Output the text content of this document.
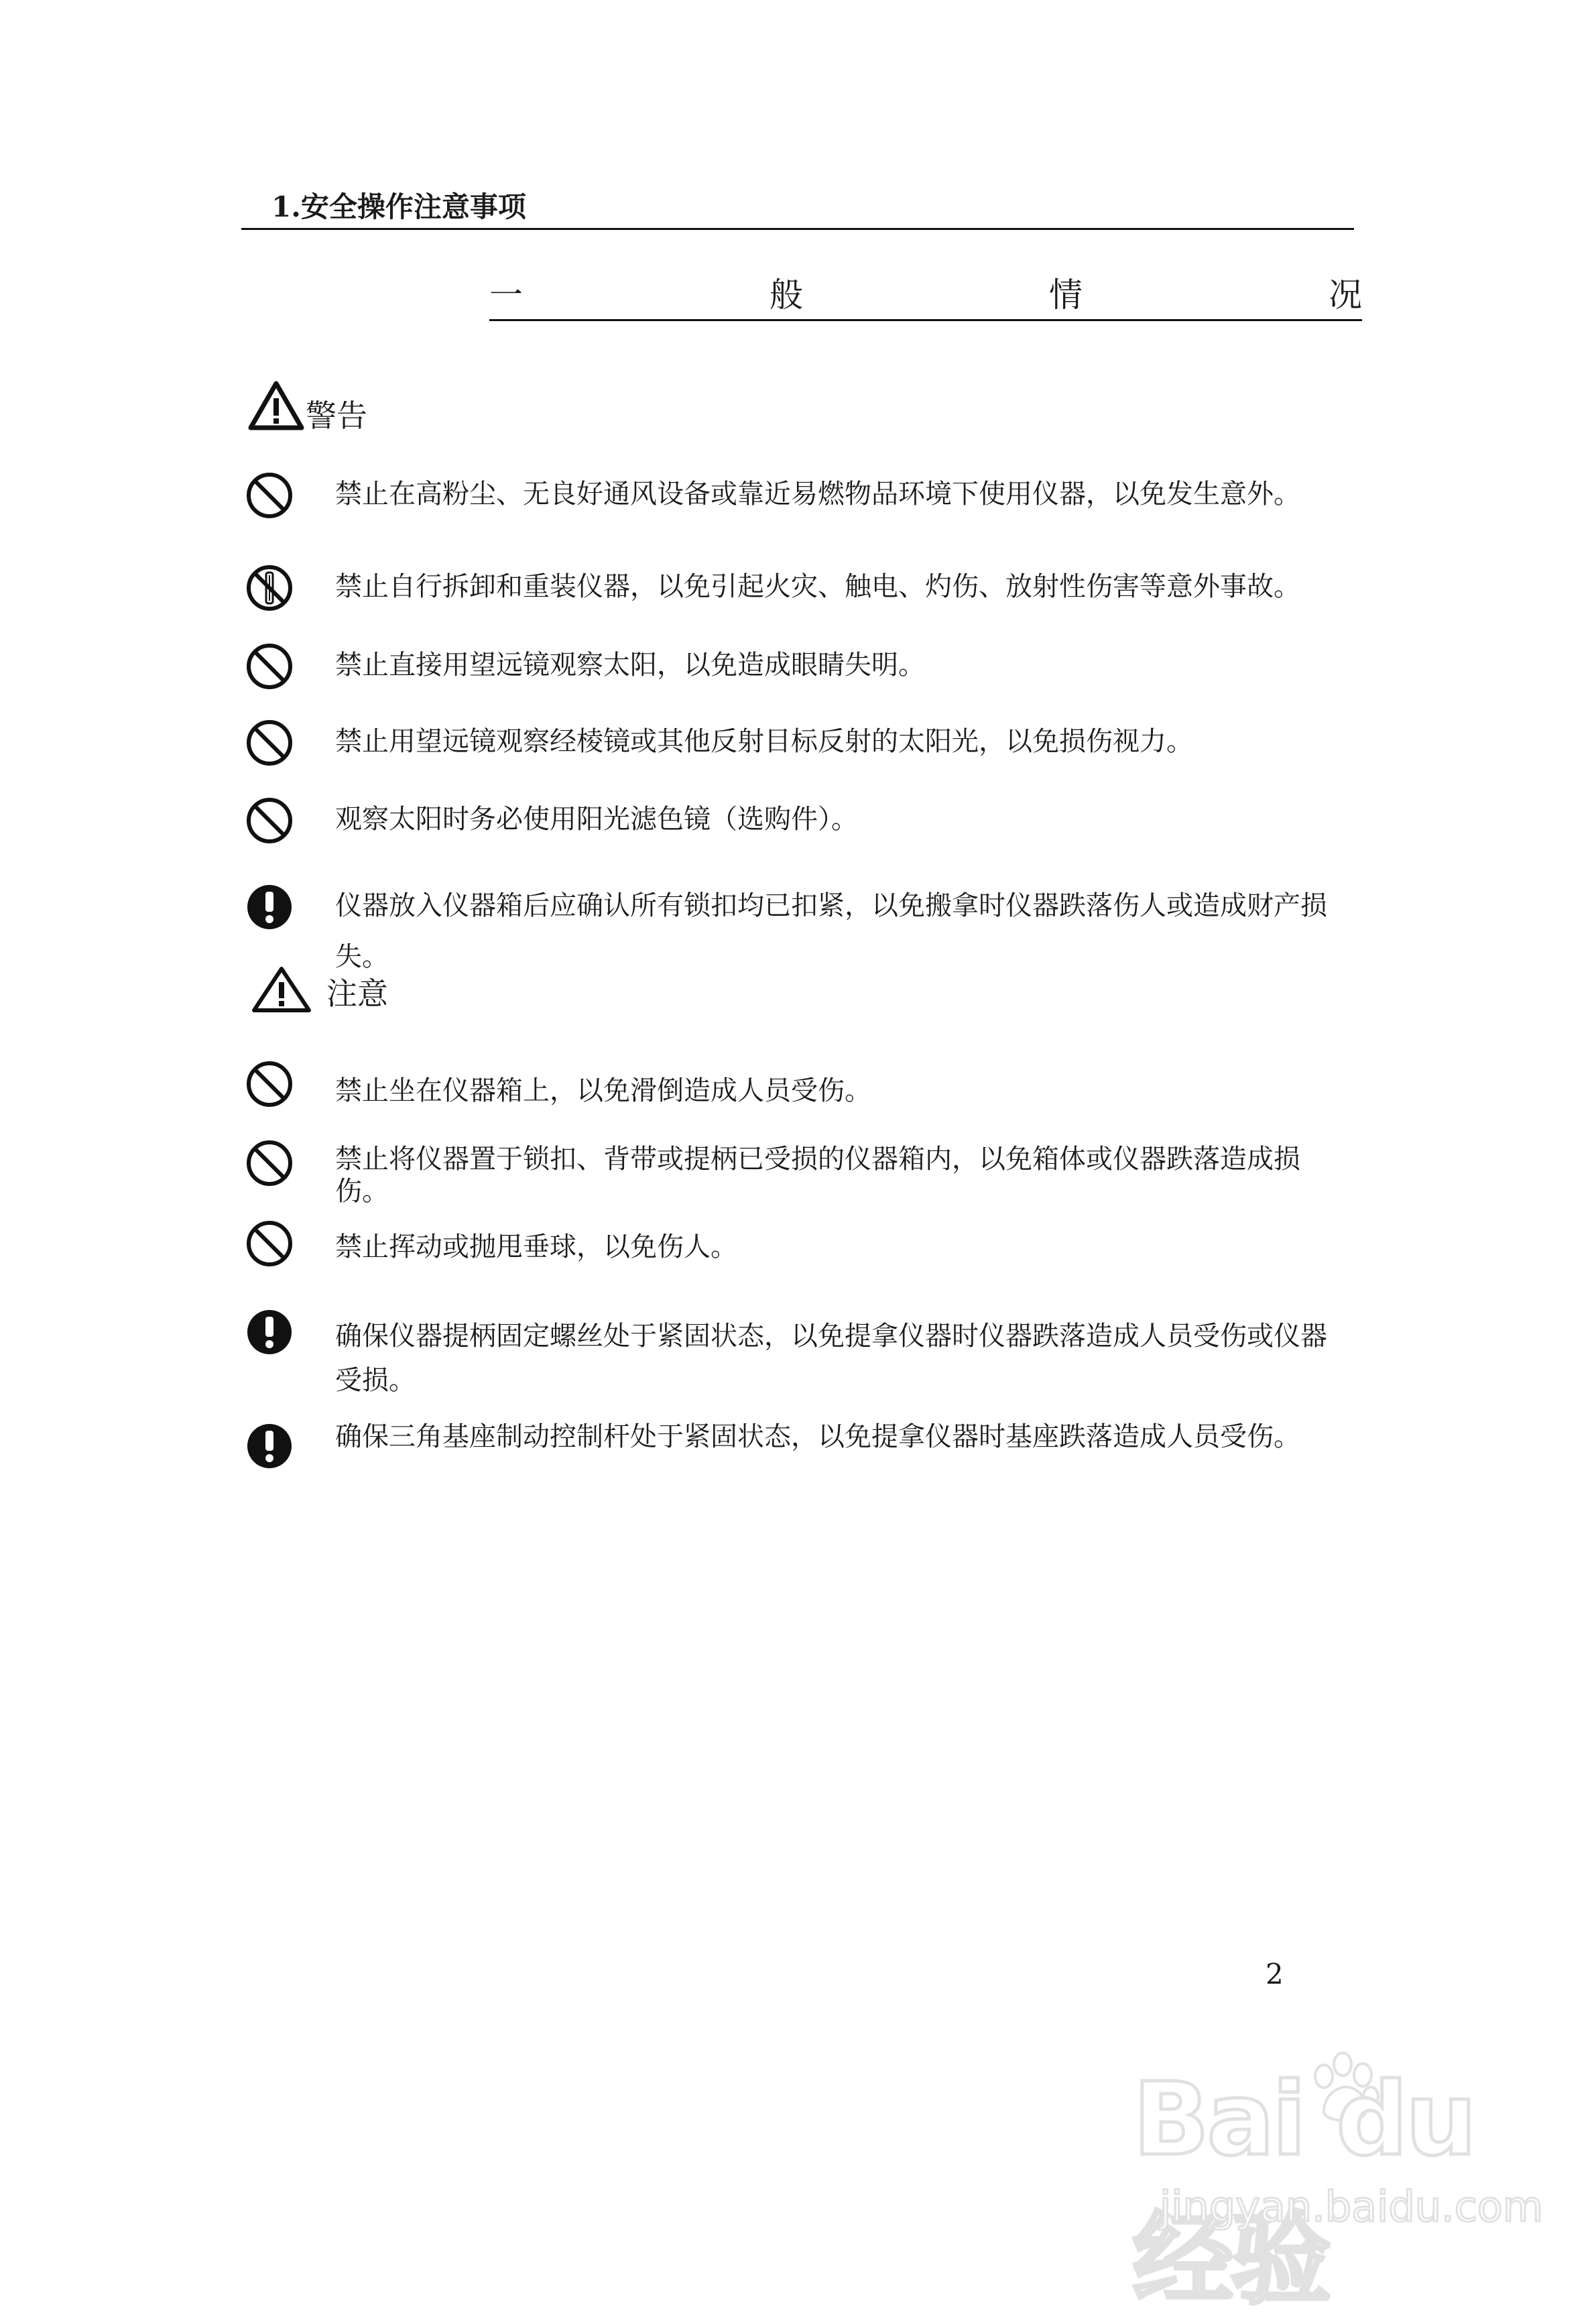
1.安全操作注意事项
一	般	情	况
警告
禁止在高粉尘、无良好通风设备或靠近易燃物品环境下使用仪器，以免发生意外。
禁止自行拆卸和重装仪器，以免引起火灾、触电、灼伤、放射性伤害等意外事故。
禁止直接用望远镜观察太阳，以免造成眼睛失明。
禁止用望远镜观察经棱镜或其他反射目标反射的太阳光，以免损伤视力。
观察太阳时务必使用阳光滤色镜（选购件）。
仪器放入仪器箱后应确认所有锁扣均已扣紧，以免搬拿时仪器跌落伤人或造成财产损失。
注意
禁止坐在仪器箱上，以免滑倒造成人员受伤。
禁止将仪器置于锁扣、背带或提柄已受损的仪器箱内，以免箱体或仪器跌落造成损伤。
禁止挥动或抛甩垂球，以免伤人。
确保仪器提柄固定螺丝处于紧固状态，以免提拿仪器时仪器跌落造成人员受伤或仪器受损。
确保三角基座制动控制杆处于紧固状态，以免提拿仪器时基座跌落造成人员受伤。
2
Bai du 经验
jingyan.baidu.com
